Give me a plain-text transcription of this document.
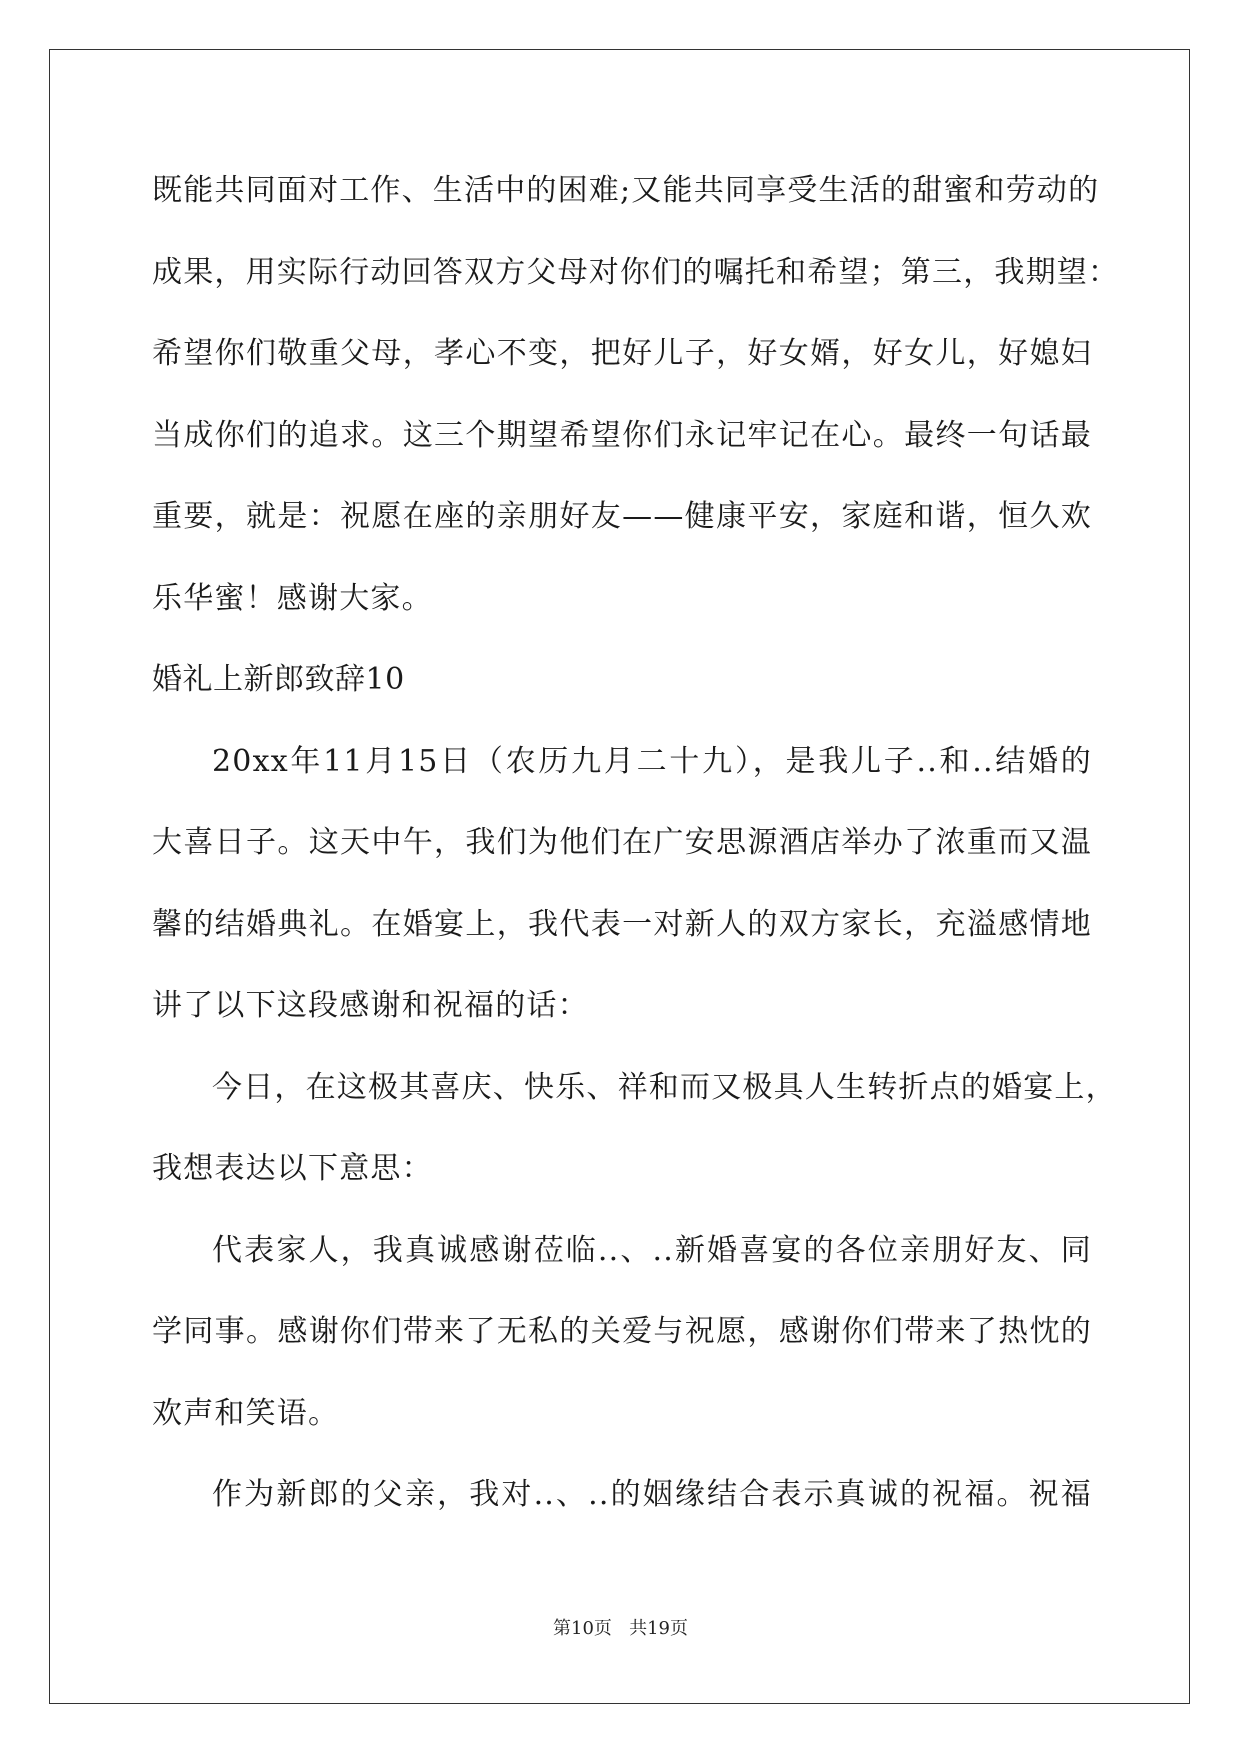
既能共同面对工作、生活中的困难;又能共同享受生活的甜蜜和劳动的
成果，用实际行动回答双方父母对你们的嘱托和希望；第三，我期望：
希望你们敬重父母，孝心不变，把好儿子，好女婿，好女儿，好媳妇
当成你们的追求。这三个期望希望你们永记牢记在心。最终一句话最
重要，就是：祝愿在座的亲朋好友——健康平安，家庭和谐，恒久欢
乐华蜜！感谢大家。
婚礼上新郎致辞10
20xx年11月15日（农历九月二十九），是我儿子..和..结婚的
大喜日子。这天中午，我们为他们在广安思源酒店举办了浓重而又温
馨的结婚典礼。在婚宴上，我代表一对新人的双方家长，充溢感情地
讲了以下这段感谢和祝福的话：
今日，在这极其喜庆、快乐、祥和而又极具人生转折点的婚宴上，
我想表达以下意思：
代表家人，我真诚感谢莅临..、..新婚喜宴的各位亲朋好友、同
学同事。感谢你们带来了无私的关爱与祝愿，感谢你们带来了热忱的
欢声和笑语。
作为新郎的父亲，我对..、..的姻缘结合表示真诚的祝福。祝福
第10页   共19页
